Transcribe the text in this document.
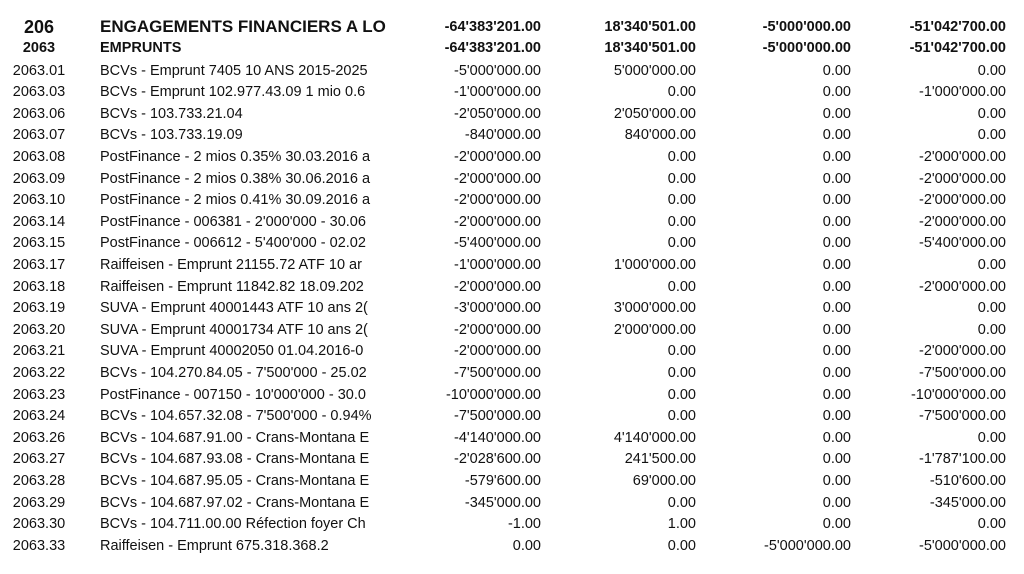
206	ENGAGEMENTS FINANCIERS A LO	-64'383'201.00	18'340'501.00	-5'000'000.00	-51'042'700.00
2063	EMPRUNTS	-64'383'201.00	18'340'501.00	-5'000'000.00	-51'042'700.00
2063.01	BCVs - Emprunt 7405 10 ANS 2015-2025	-5'000'000.00	5'000'000.00	0.00	0.00
2063.03	BCVs - Emprunt 102.977.43.09 1 mio 0.6	-1'000'000.00	0.00	0.00	-1'000'000.00
2063.06	BCVs - 103.733.21.04	-2'050'000.00	2'050'000.00	0.00	0.00
2063.07	BCVs - 103.733.19.09	-840'000.00	840'000.00	0.00	0.00
2063.08	PostFinance - 2 mios 0.35% 30.03.2016 a	-2'000'000.00	0.00	0.00	-2'000'000.00
2063.09	PostFinance - 2 mios 0.38% 30.06.2016 a	-2'000'000.00	0.00	0.00	-2'000'000.00
2063.10	PostFinance - 2 mios 0.41% 30.09.2016 a	-2'000'000.00	0.00	0.00	-2'000'000.00
2063.14	PostFinance - 006381 - 2'000'000 - 30.06	-2'000'000.00	0.00	0.00	-2'000'000.00
2063.15	PostFinance - 006612 - 5'400'000 - 02.02	-5'400'000.00	0.00	0.00	-5'400'000.00
2063.17	Raiffeisen - Emprunt 21155.72 ATF 10 ar	-1'000'000.00	1'000'000.00	0.00	0.00
2063.18	Raiffeisen - Emprunt 11842.82 18.09.202	-2'000'000.00	0.00	0.00	-2'000'000.00
2063.19	SUVA - Emprunt 40001443 ATF 10 ans 2(	-3'000'000.00	3'000'000.00	0.00	0.00
2063.20	SUVA - Emprunt 40001734 ATF 10 ans 2(	-2'000'000.00	2'000'000.00	0.00	0.00
2063.21	SUVA - Emprunt 40002050 01.04.2016-0	-2'000'000.00	0.00	0.00	-2'000'000.00
2063.22	BCVs - 104.270.84.05 - 7'500'000 - 25.02	-7'500'000.00	0.00	0.00	-7'500'000.00
2063.23	PostFinance - 007150 - 10'000'000 - 30.0	-10'000'000.00	0.00	0.00	-10'000'000.00
2063.24	BCVs - 104.657.32.08 - 7'500'000 - 0.94%	-7'500'000.00	0.00	0.00	-7'500'000.00
2063.26	BCVs - 104.687.91.00 - Crans-Montana E	-4'140'000.00	4'140'000.00	0.00	0.00
2063.27	BCVs - 104.687.93.08 - Crans-Montana E	-2'028'600.00	241'500.00	0.00	-1'787'100.00
2063.28	BCVs - 104.687.95.05 - Crans-Montana E	-579'600.00	69'000.00	0.00	-510'600.00
2063.29	BCVs - 104.687.97.02 - Crans-Montana E	-345'000.00	0.00	0.00	-345'000.00
2063.30	BCVs - 104.711.00.00 Réfection foyer Ch	-1.00	1.00	0.00	0.00
2063.33	Raiffeisen - Emprunt 675.318.368.2	0.00	0.00	-5'000'000.00	-5'000'000.00
